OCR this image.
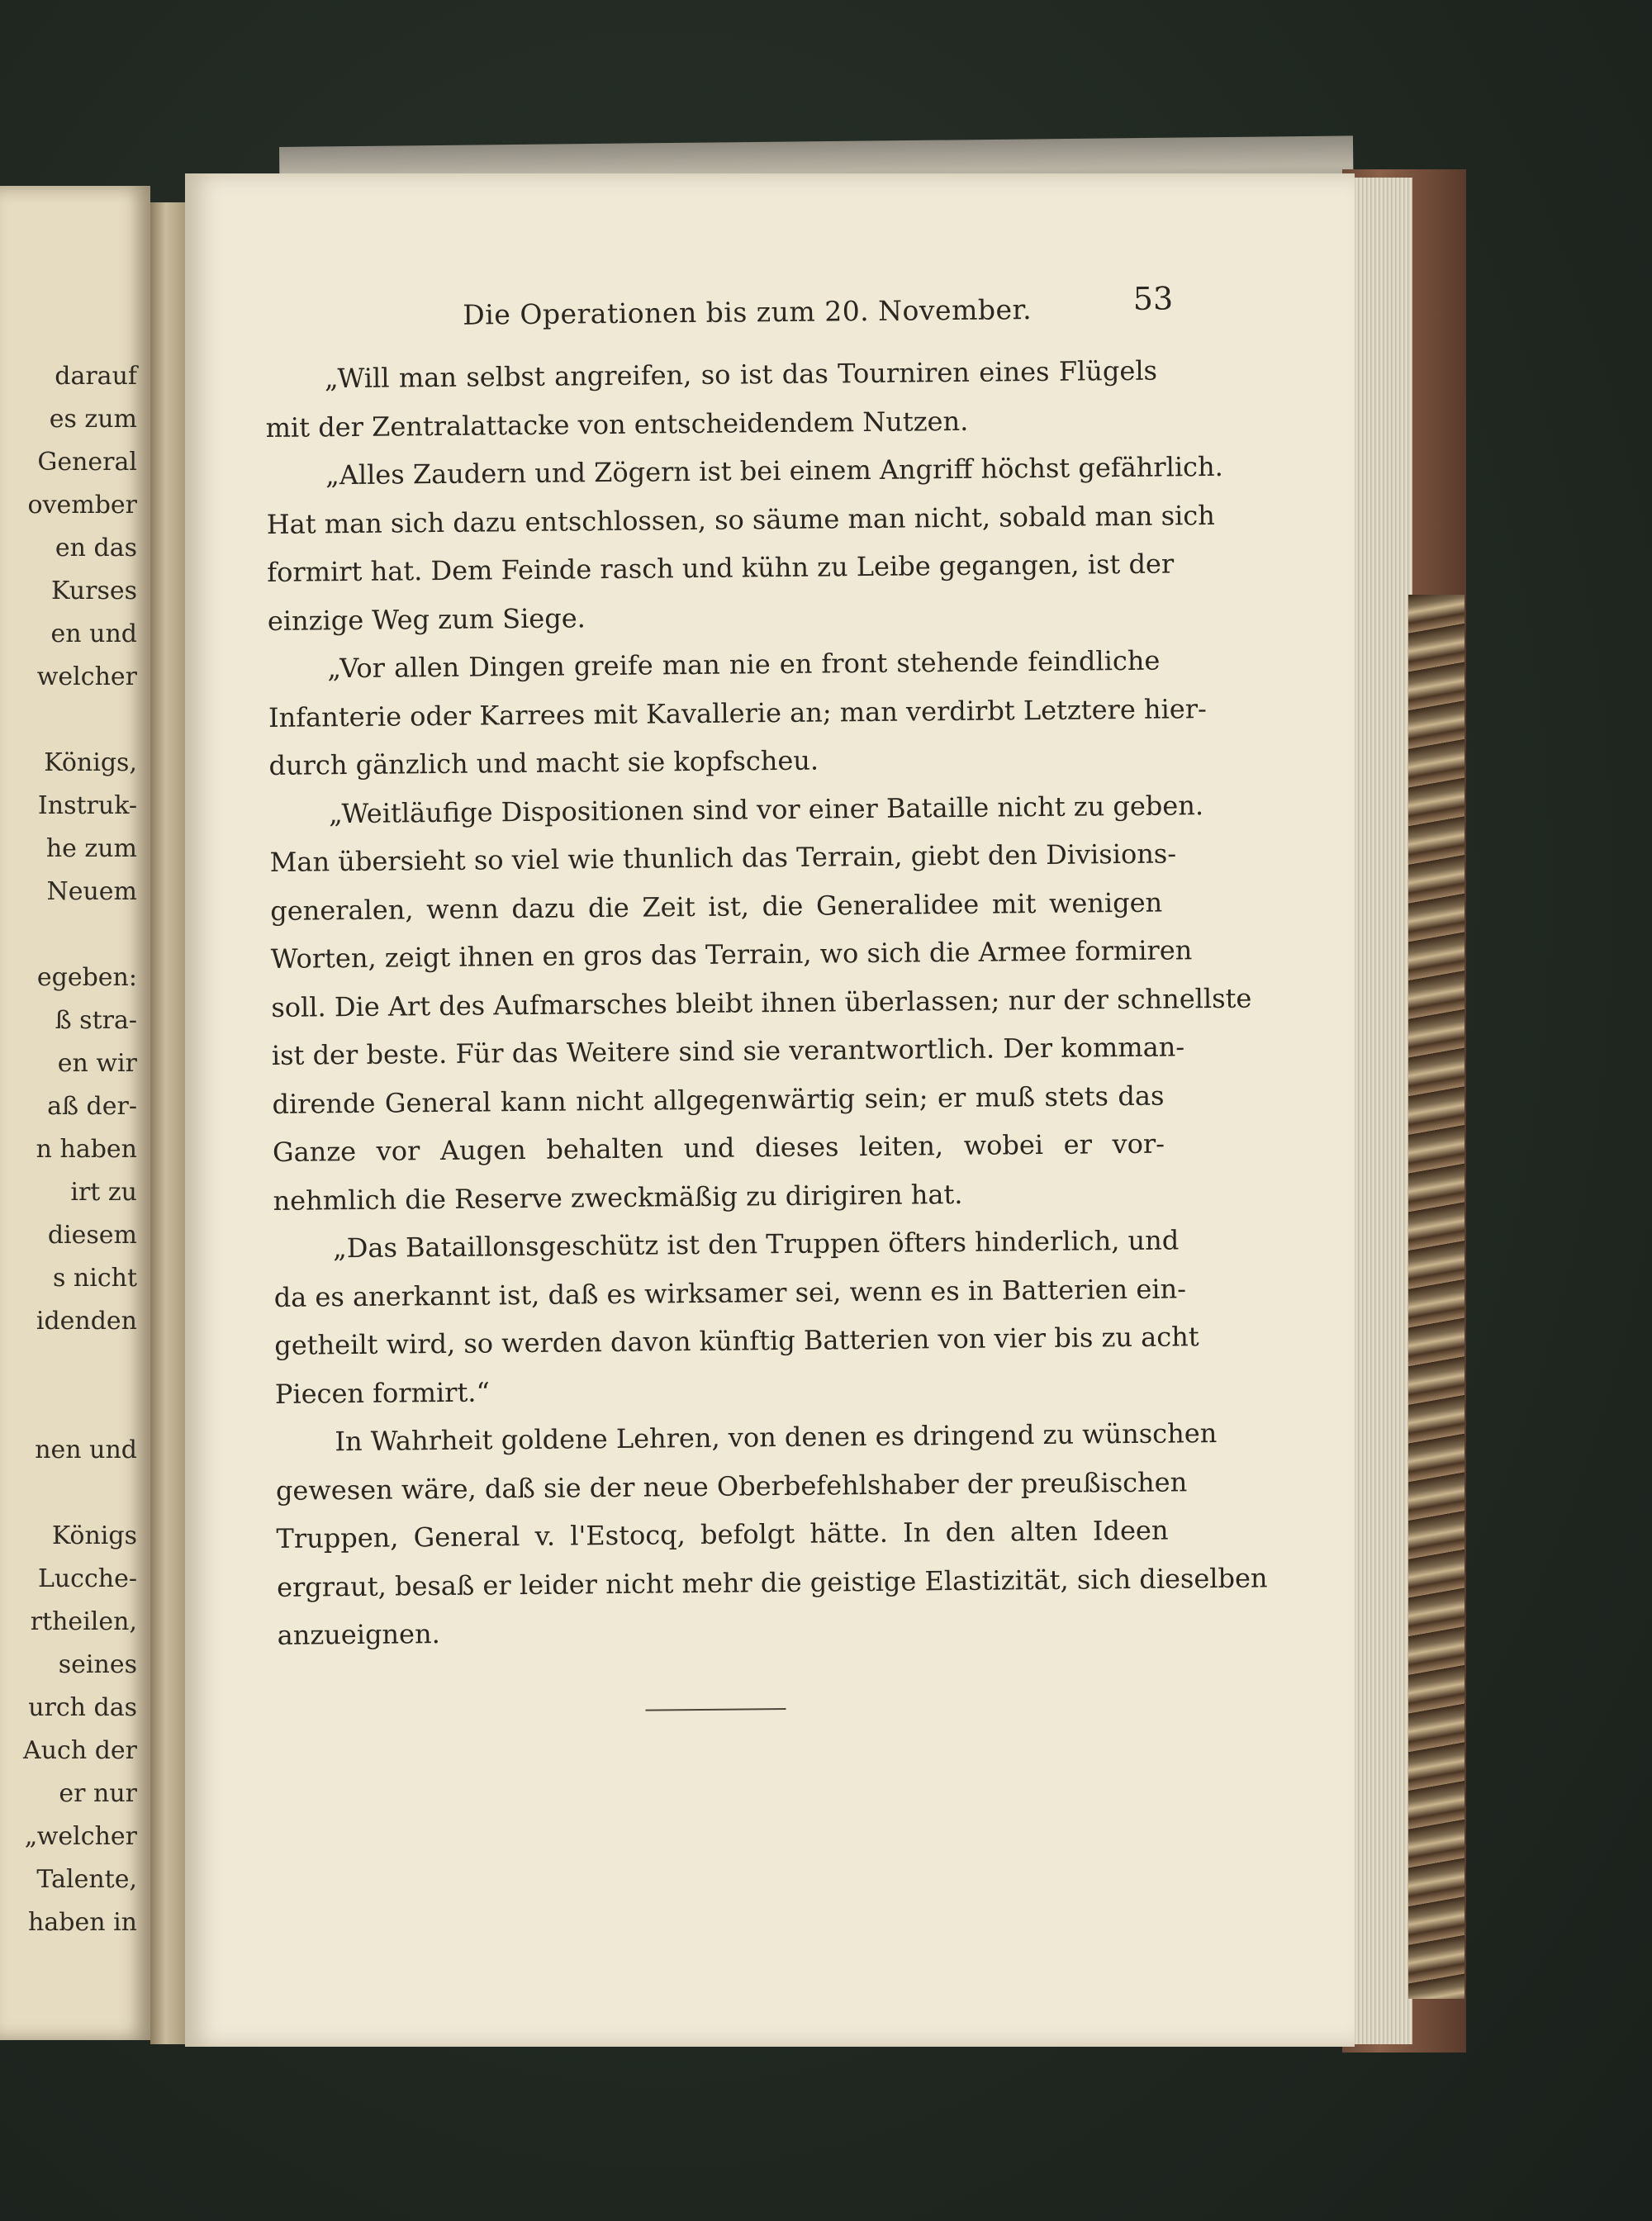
darauf
es zum
General
ovember
en das
Kurses
en und
welcher
Königs,
Instruk-
he zum
Neuem
egeben:
ß stra-
en wir
aß der-
n haben
irt zu
diesem
s nicht
idenden
nen und
Königs
Lucche-
rtheilen,
seines
urch das
Auch der
er nur
„welcher
Talente,
haben in
Die Operationen bis zum 20. November.	53
„Will man selbst angreifen, so ist das Tourniren eines Flügels
mit der Zentralattacke von entscheidendem Nutzen.
„Alles Zaudern und Zögern ist bei einem Angriff höchst gefährlich.
Hat man sich dazu entschlossen, so säume man nicht, sobald man sich
formirt hat. Dem Feinde rasch und kühn zu Leibe gegangen, ist der
einzige Weg zum Siege.
„Vor allen Dingen greife man nie en front stehende feindliche
Infanterie oder Karrees mit Kavallerie an; man verdirbt Letztere hier-
durch gänzlich und macht sie kopfscheu.
„Weitläufige Dispositionen sind vor einer Bataille nicht zu geben.
Man übersieht so viel wie thunlich das Terrain, giebt den Divisions-
generalen, wenn dazu die Zeit ist, die Generalidee mit wenigen
Worten, zeigt ihnen en gros das Terrain, wo sich die Armee formiren
soll. Die Art des Aufmarsches bleibt ihnen überlassen; nur der schnellste
ist der beste. Für das Weitere sind sie verantwortlich. Der komman-
dirende General kann nicht allgegenwärtig sein; er muß stets das
Ganze vor Augen behalten und dieses leiten, wobei er vor-
nehmlich die Reserve zweckmäßig zu dirigiren hat.
„Das Bataillonsgeschütz ist den Truppen öfters hinderlich, und
da es anerkannt ist, daß es wirksamer sei, wenn es in Batterien ein-
getheilt wird, so werden davon künftig Batterien von vier bis zu acht
Piecen formirt.“
In Wahrheit goldene Lehren, von denen es dringend zu wünschen
gewesen wäre, daß sie der neue Oberbefehlshaber der preußischen
Truppen, General v. l'Estocq, befolgt hätte. In den alten Ideen
ergraut, besaß er leider nicht mehr die geistige Elastizität, sich dieselben
anzueignen.
